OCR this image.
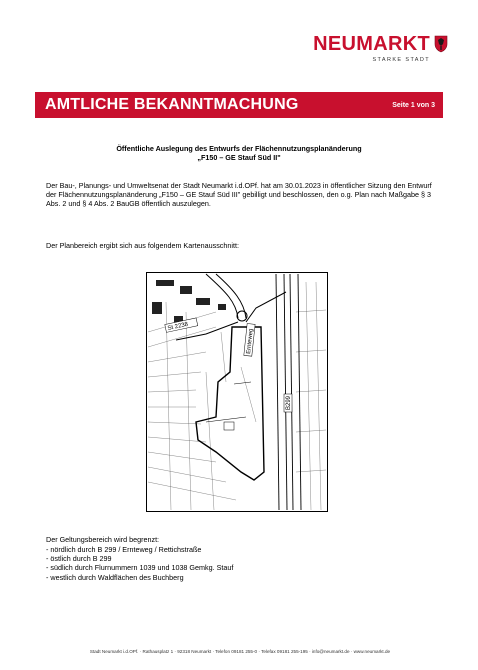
NEUMARKT
STARKE STADT
AMTLICHE BEKANNTMACHUNG	Seite 1 von 3
Öffentliche Auslegung des Entwurfs der Flächennutzungsplanänderung
„F150 – GE Stauf Süd II"
Der Bau-, Planungs- und Umweltsenat der Stadt Neumarkt i.d.OPf. hat am 30.01.2023 in öffentlicher Sitzung den Entwurf der Flächennutzungsplanänderung „F150 – GE Stauf Süd III" gebilligt und beschlossen, den o.g. Plan nach Maßgabe § 3 Abs. 2 und § 4 Abs. 2 BauGB öffentlich auszulegen.
Der Planbereich ergibt sich aus folgendem Kartenausschnitt:
St 2238
Ernteweg
B299
Der Geltungsbereich wird begrenzt:
- nördlich durch B 299 / Ernteweg / Rettichstraße
- östlich durch B 299
- südlich durch Flurnummern 1039 und 1038 Gemkg. Stauf
- westlich durch Waldflächen des Buchberg
Stadt Neumarkt i.d.OPf. · Rathausplatz 1 · 92318 Neumarkt · Telefon 09181 255-0 · Telefax 09181 255-195 · info@neumarkt.de · www.neumarkt.de
